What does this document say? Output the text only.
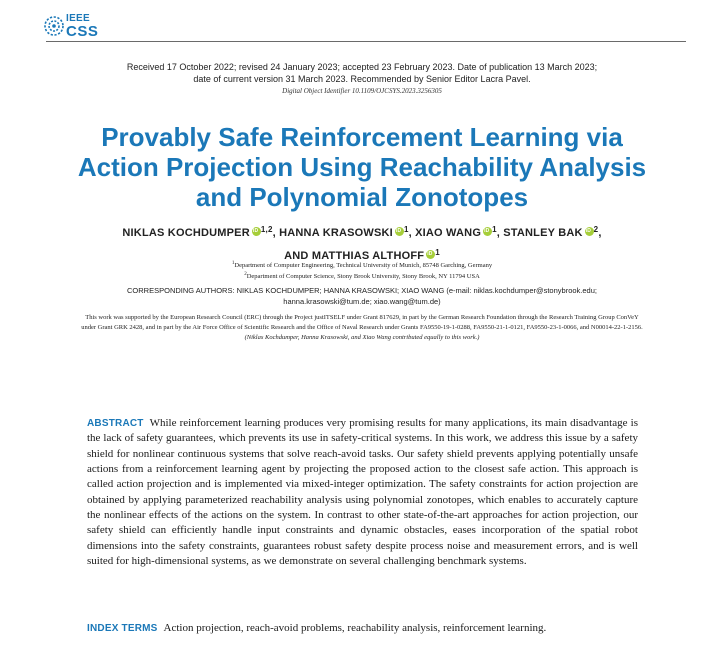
IEEE
CSS
Received 17 October 2022; revised 24 January 2023; accepted 23 February 2023. Date of publication 13 March 2023;
date of current version 31 March 2023. Recommended by Senior Editor Lacra Pavel.
Digital Object Identifier 10.1109/OJCSYS.2023.3256305
Provably Safe Reinforcement Learning via
Action Projection Using Reachability Analysis
and Polynomial Zonotopes
NIKLAS KOCHDUMPER iD $^{1,2}$, HANNA KRASOWSKI iD $^1$, XIAO WANG iD $^1$, STANLEY BAK iD $^2$,
AND MATTHIAS ALTHOFF iD $^1$
$^1$Department of Computer Engineering, Technical University of Munich, 85748 Garching, Germany
$^2$Department of Computer Science, Stony Brook University, Stony Brook, NY 11794 USA
CORRESPONDING AUTHORS: NIKLAS KOCHDUMPER; HANNA KRASOWSKI; XIAO WANG (e-mail: niklas.kochdumper@stonybrook.edu;
hanna.krasowski@tum.de; xiao.wang@tum.de)
This work was supported by the European Research Council (ERC) through the Project justITSELF under Grant 817629, in part by the German Research Foundation through the Research Training Group ConVeY under Grant GRK 2428, and in part by the Air Force Office of Scientific Research and the Office of Naval Research under Grants FA9550-19-1-0288, FA9550-21-1-0121, FA9550-23-1-0066, and N00014-22-1-2156. (Niklas Kochdumper, Hanna Krasowski, and Xiao Wang contributed equally to this work.)
ABSTRACT While reinforcement learning produces very promising results for many applications, its main disadvantage is the lack of safety guarantees, which prevents its use in safety-critical systems. In this work, we address this issue by a safety shield for nonlinear continuous systems that solve reach-avoid tasks. Our safety shield prevents applying potentially unsafe actions from a reinforcement learning agent by projecting the proposed action to the closest safe action. This approach is called action projection and is implemented via mixed-integer optimization. The safety constraints for action projection are obtained by applying parameterized reachability analysis using polynomial zonotopes, which enables to accurately capture the nonlinear effects of the actions on the system. In contrast to other state-of-the-art approaches for action projection, our safety shield can efficiently handle input constraints and dynamic obstacles, eases incorporation of the spatial robot dimensions into the safety constraints, guarantees robust safety despite process noise and measurement errors, and is well suited for high-dimensional systems, as we demonstrate on several challenging benchmark systems.
INDEX TERMS Action projection, reach-avoid problems, reachability analysis, reinforcement learning.
